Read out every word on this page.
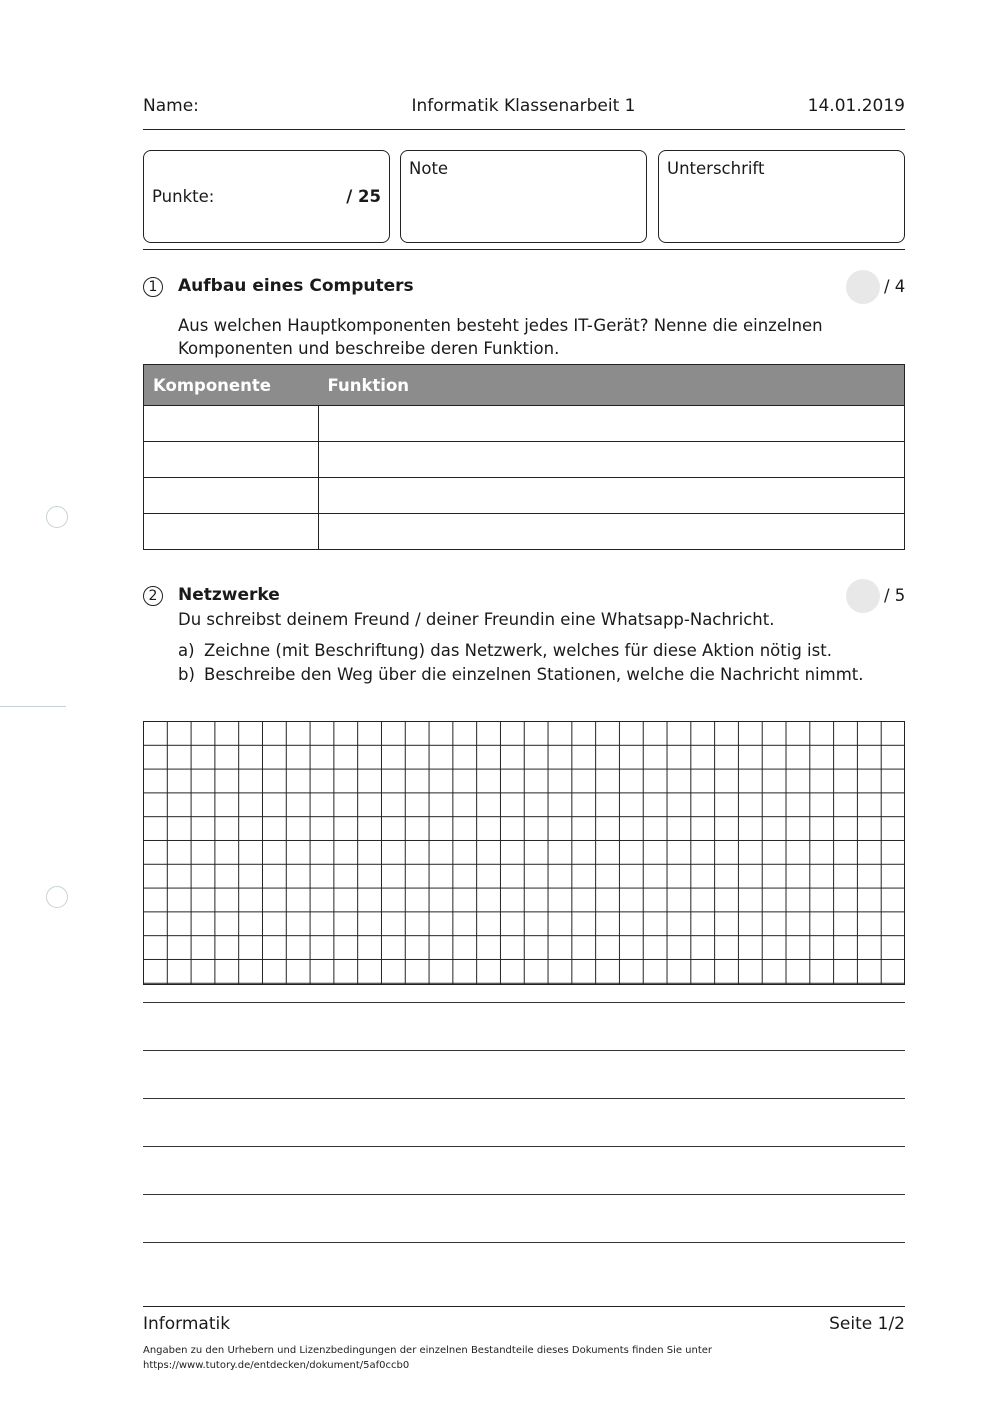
Name:	Informatik Klassenarbeit 1	14.01.2019
Punkte:	/ 25
Note	Unterschrift
1	Aufbau eines Computers	/ 4
Aus welchen Hauptkomponenten besteht jedes IT-Gerät? Nenne die einzelnen
Komponenten und beschreibe deren Funktion.
Komponente	Funktion

2	Netzwerke	/ 5
Du schreibst deinem Freund / deiner Freundin eine Whatsapp-Nachricht.
a) Zeichne (mit Beschriftung) das Netzwerk, welches für diese Aktion nötig ist.
b) Beschreibe den Weg über die einzelnen Stationen, welche die Nachricht nimmt.
Informatik	Seite 1/2
Angaben zu den Urhebern und Lizenzbedingungen der einzelnen Bestandteile dieses Dokuments finden Sie unter
https://www.tutory.de/entdecken/dokument/5af0ccb0
